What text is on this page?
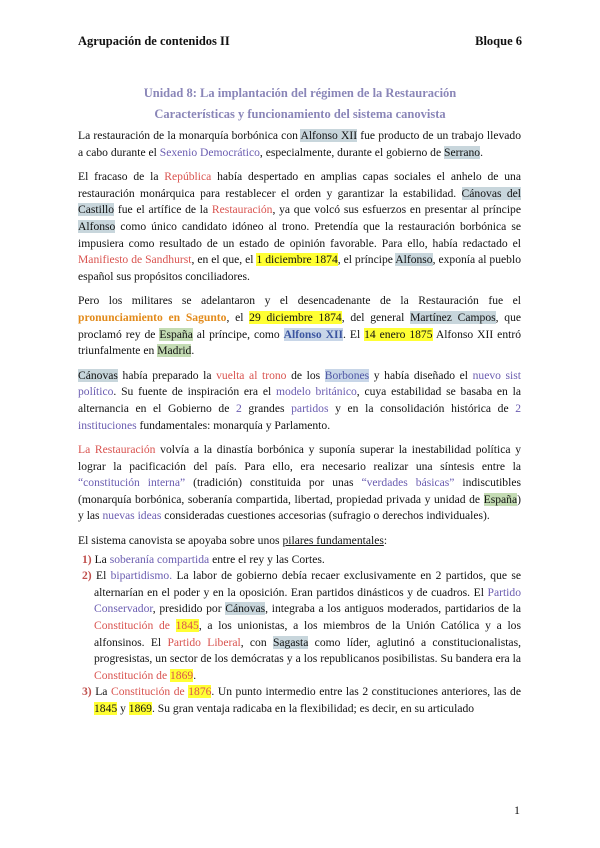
Agrupación de contenidos II	Bloque 6
Unidad 8: La implantación del régimen de la Restauración
Características y funcionamiento del sistema canovista

La restauración de la monarquía borbónica con Alfonso XII fue producto de un trabajo llevado a cabo durante el Sexenio Democrático, especialmente, durante el gobierno de Serrano.

El fracaso de la República había despertado en amplias capas sociales el anhelo de una restauración monárquica para restablecer el orden y garantizar la estabilidad. Cánovas del Castillo fue el artífice de la Restauración, ya que volcó sus esfuerzos en presentar al príncipe Alfonso como único candidato idóneo al trono. Pretendía que la restauración borbónica se impusiera como resultado de un estado de opinión favorable. Para ello, había redactado el Manifiesto de Sandhurst, en el que, el 1 diciembre 1874, el príncipe Alfonso, exponía al pueblo español sus propósitos conciliadores.

Pero los militares se adelantaron y el desencadenante de la Restauración fue el pronunciamiento en Sagunto, el 29 diciembre 1874, del general Martínez Campos, que proclamó rey de España al príncipe, como Alfonso XII. El 14 enero 1875 Alfonso XII entró triunfalmente en Madrid.

Cánovas había preparado la vuelta al trono de los Borbones y había diseñado el nuevo sist político. Su fuente de inspiración era el modelo británico, cuya estabilidad se basaba en la alternancia en el Gobierno de 2 grandes partidos y en la consolidación histórica de 2 instituciones fundamentales: monarquía y Parlamento.

La Restauración volvía a la dinastía borbónica y suponía superar la inestabilidad política y lograr la pacificación del país. Para ello, era necesario realizar una síntesis entre la “constitución interna” (tradición) constituida por unas “verdades básicas” indiscutibles (monarquía borbónica, soberanía compartida, libertad, propiedad privada y unidad de España) y las nuevas ideas consideradas cuestiones accesorias (sufragio o derechos individuales).

El sistema canovista se apoyaba sobre unos pilares fundamentales:

1) La soberanía compartida entre el rey y las Cortes.
2) El bipartidismo. La labor de gobierno debía recaer exclusivamente en 2 partidos, que se alternarían en el poder y en la oposición. Eran partidos dinásticos y de cuadros. El Partido Conservador, presidido por Cánovas, integraba a los antiguos moderados, partidarios de la Constitución de 1845, a los unionistas, a los miembros de la Unión Católica y a los alfonsinos. El Partido Liberal, con Sagasta como líder, aglutinó a constitucionalistas, progresistas, un sector de los demócratas y a los republicanos posibilistas. Su bandera era la Constitución de 1869.
3) La Constitución de 1876. Un punto intermedio entre las 2 constituciones anteriores, las de 1845 y 1869. Su gran ventaja radicaba en la flexibilidad; es decir, en su articulado
1
